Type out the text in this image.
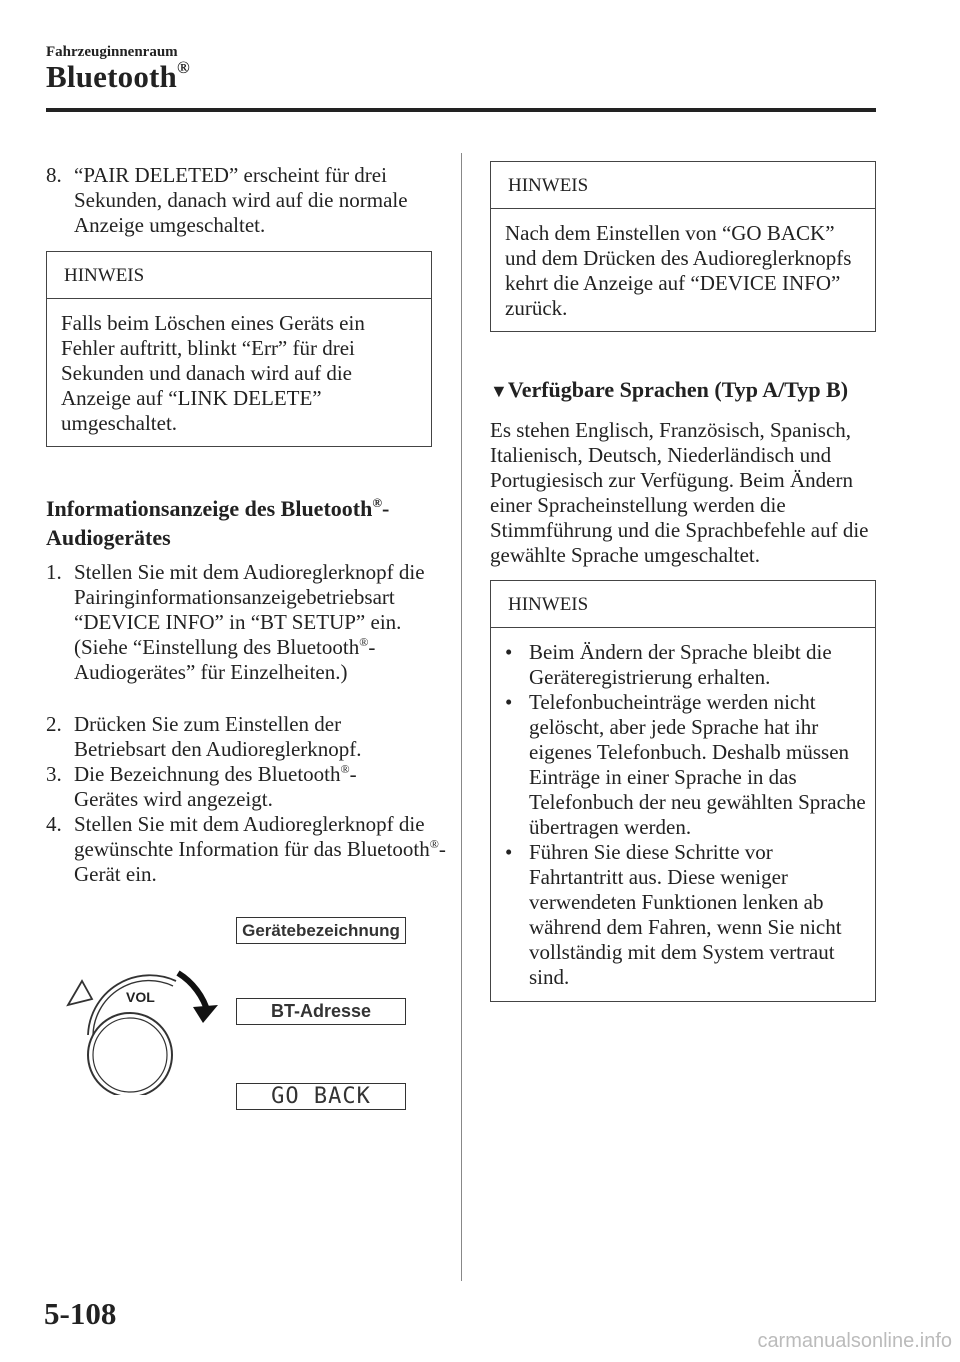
Fahrzeuginnenraum
Bluetooth®
8. “PAIR DELETED” erscheint für drei Sekunden, danach wird auf die normale Anzeige umgeschaltet.
HINWEIS
Falls beim Löschen eines Geräts ein Fehler auftritt, blinkt “Err” für drei Sekunden und danach wird auf die Anzeige auf “LINK DELETE” umgeschaltet.
Informationsanzeige des Bluetooth®-
Audiogerätes
1. Stellen Sie mit dem Audioreglerknopf die Pairinginformationsanzeigebetriebsart “DEVICE INFO” in “BT SETUP” ein. (Siehe “Einstellung des Bluetooth®-Audiogerätes” für Einzelheiten.)
2. Drücken Sie zum Einstellen der Betriebsart den Audioreglerknopf.
3. Die Bezeichnung des Bluetooth®-Gerätes wird angezeigt.
4. Stellen Sie mit dem Audioreglerknopf die gewünschte Information für das Bluetooth®-Gerät ein.
VOL
Gerätebezeichnung
BT-Adresse
GO BACK
HINWEIS
Nach dem Einstellen von “GO BACK” und dem Drücken des Audioreglerknopfs kehrt die Anzeige auf “DEVICE INFO” zurück.
▼Verfügbare Sprachen (Typ A/Typ B)
Es stehen Englisch, Französisch, Spanisch, Italienisch, Deutsch, Niederländisch und Portugiesisch zur Verfügung. Beim Ändern einer Spracheinstellung werden die Stimmführung und die Sprachbefehle auf die gewählte Sprache umgeschaltet.
HINWEIS
• Beim Ändern der Sprache bleibt die Geräteregistrierung erhalten.
• Telefonbucheinträge werden nicht gelöscht, aber jede Sprache hat ihr eigenes Telefonbuch. Deshalb müssen Einträge in einer Sprache in das Telefonbuch der neu gewählten Sprache übertragen werden.
• Führen Sie diese Schritte vor Fahrtantritt aus. Diese weniger verwendeten Funktionen lenken ab während dem Fahren, wenn Sie nicht vollständig mit dem System vertraut sind.
5-108
carmanualsonline.info
